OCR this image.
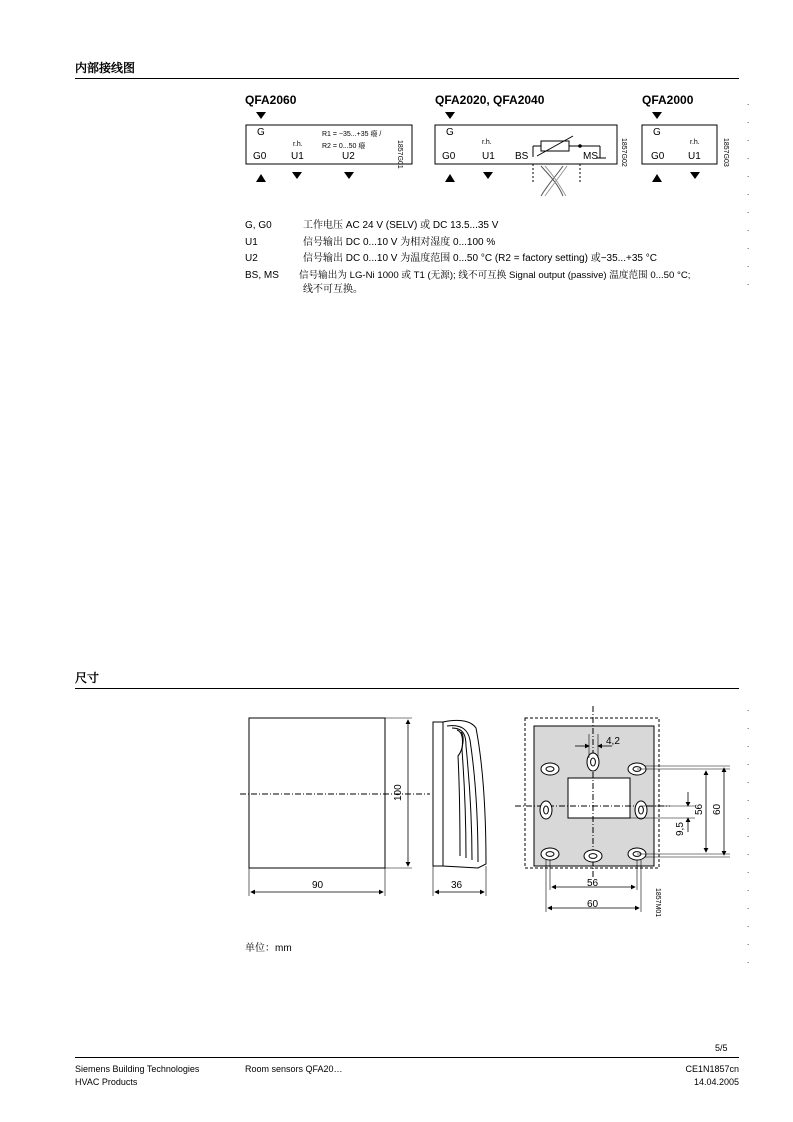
内部接线图
.
.
.
.
.
.
.
.
.
.
.
QFA2060
G
r.h.
R1 = −35...+35 癈 /
R2 = 0...50 癈
G0 U1	U2	1857G01
QFA2020, QFA2040
G
r.h.
G0	U1 BS	MS	1857G02
QFA2000
G
r.h.
G0 U1	1857G03
G, G0	工作电压 AC 24 V (SELV) 或 DC 13.5...35 V
U1	信号输出 DC 0...10 V 为相对湿度 0...100 %
U2	信号输出 DC 0...10 V 为温度范围 0...50 °C (R2 = factory setting) 或−35...+35 °C
BS, MS	信号输出为 LG-Ni 1000 或 T1 (无源); 线不可互换 Signal output (passive) 温度范围 0...50 °C;
线不可互换。
尺寸
.
.
.
.
.
.
.
.
.
.
.
.
.
.
.
90
100
36
4,2
56
60
9,5
56 60
1857M01
单位：mm
5/5
Siemens Building Technologies
HVAC Products
Room sensors QFA20…	CE1N1857cn
14.04.2005
